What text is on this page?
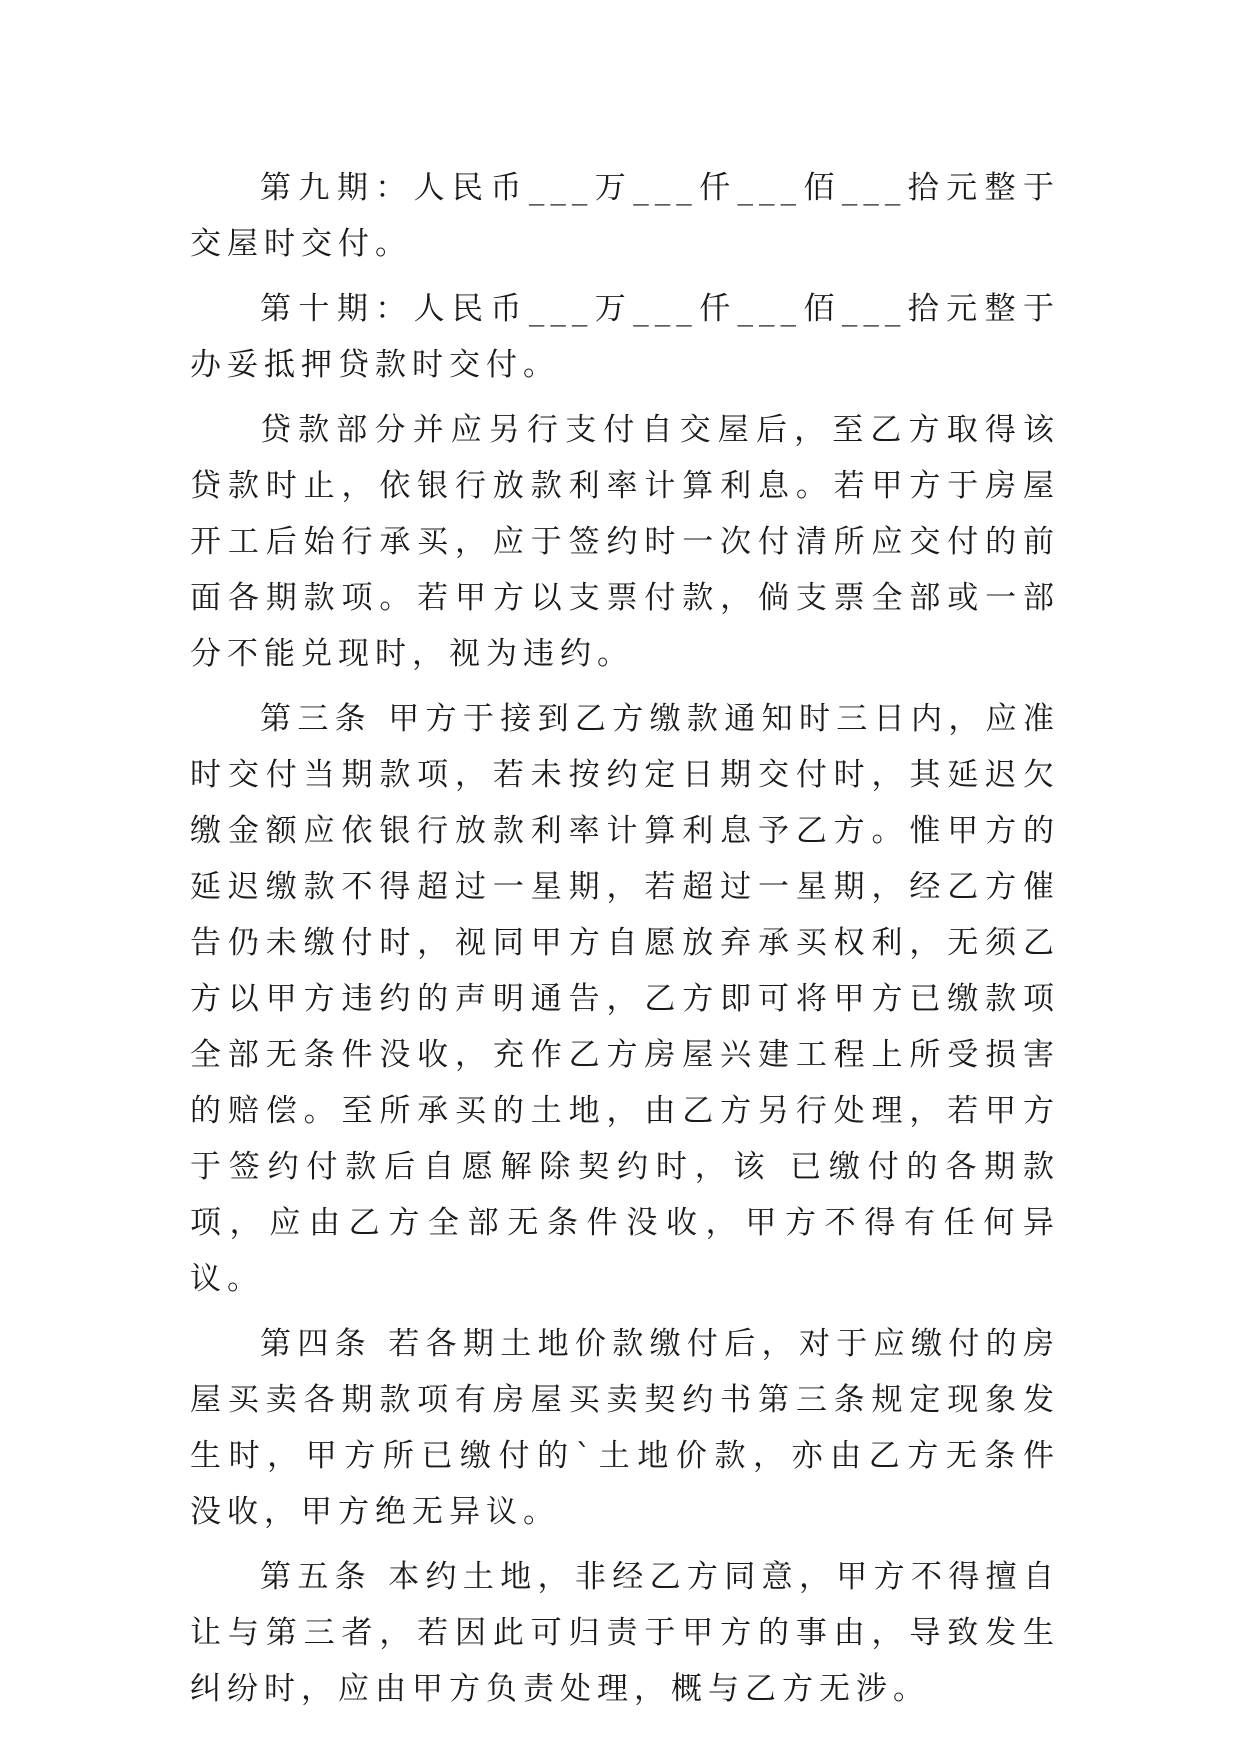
第九期：人民币___万___仟___佰___拾元整于交屋时交付。

第十期：人民币___万___仟___佰___拾元整于办妥抵押贷款时交付。

贷款部分并应另行支付自交屋后，至乙方取得该贷款时止，依银行放款利率计算利息。若甲方于房屋开工后始行承买，应于签约时一次付清所应交付的前面各期款项。若甲方以支票付款，倘支票全部或一部分不能兑现时，视为违约。

第三条 甲方于接到乙方缴款通知时三日内，应准时交付当期款项，若未按约定日期交付时，其延迟欠缴金额应依银行放款利率计算利息予乙方。惟甲方的延迟缴款不得超过一星期，若超过一星期，经乙方催告仍未缴付时，视同甲方自愿放弃承买权利，无须乙方以甲方违约的声明通告，乙方即可将甲方已缴款项全部无条件没收，充作乙方房屋兴建工程上所受损害的赔偿。至所承买的土地，由乙方另行处理，若甲方于签约付款后自愿解除契约时，该 已缴付的各期款项，应由乙方全部无条件没收，甲方不得有任何异议。

第四条 若各期土地价款缴付后，对于应缴付的房屋买卖各期款项有房屋买卖契约书第三条规定现象发生时，甲方所已缴付的`土地价款，亦由乙方无条件没收，甲方绝无异议。

第五条 本约土地，非经乙方同意，甲方不得擅自让与第三者，若因此可归责于甲方的事由，导致发生纠纷时，应由甲方负责处理，概与乙方无涉。
